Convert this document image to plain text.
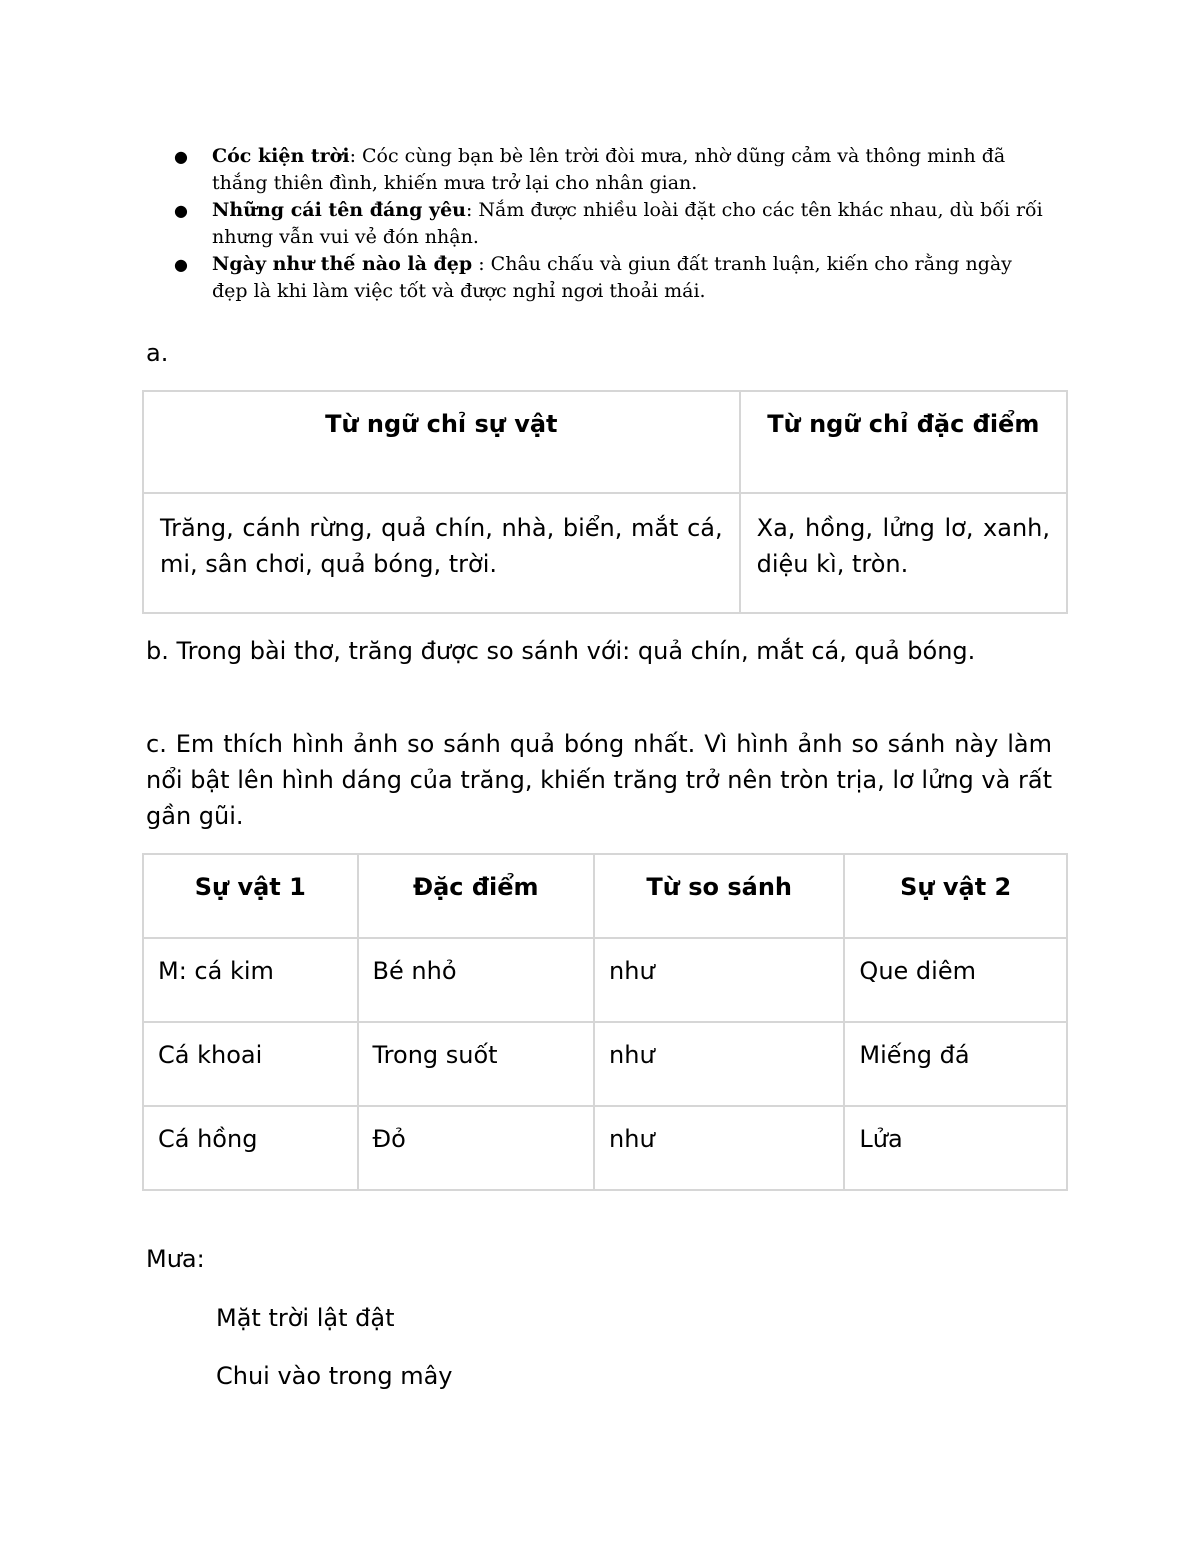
● Cóc kiện trời: Cóc cùng bạn bè lên trời đòi mưa, nhờ dũng cảm và thông minh đã thắng thiên đình, khiến mưa trở lại cho nhân gian.
● Những cái tên đáng yêu: Nắm được nhiều loài đặt cho các tên khác nhau, dù bối rối nhưng vẫn vui vẻ đón nhận.
● Ngày như thế nào là đẹp : Châu chấu và giun đất tranh luận, kiến cho rằng ngày đẹp là khi làm việc tốt và được nghỉ ngơi thoải mái.
a.
Từ ngữ chỉ sự vật	Từ ngữ chỉ đặc điểm
Trăng, cánh rừng, quả chín, nhà, biển, mắt cá, mi, sân chơi, quả bóng, trời.	Xa, hồng, lửng lơ, xanh, diệu kì, tròn.
b. Trong bài thơ, trăng được so sánh với: quả chín, mắt cá, quả bóng.
c. Em thích hình ảnh so sánh quả bóng nhất. Vì hình ảnh so sánh này làm nổi bật lên hình dáng của trăng, khiến trăng trở nên tròn trịa, lơ lửng và rất gần gũi.
Sự vật 1	Đặc điểm	Từ so sánh	Sự vật 2
M: cá kim	Bé nhỏ	như	Que diêm
Cá khoai	Trong suốt	như	Miếng đá
Cá hồng	Đỏ	như	Lửa
Mưa:
Mặt trời lật đật
Chui vào trong mây
